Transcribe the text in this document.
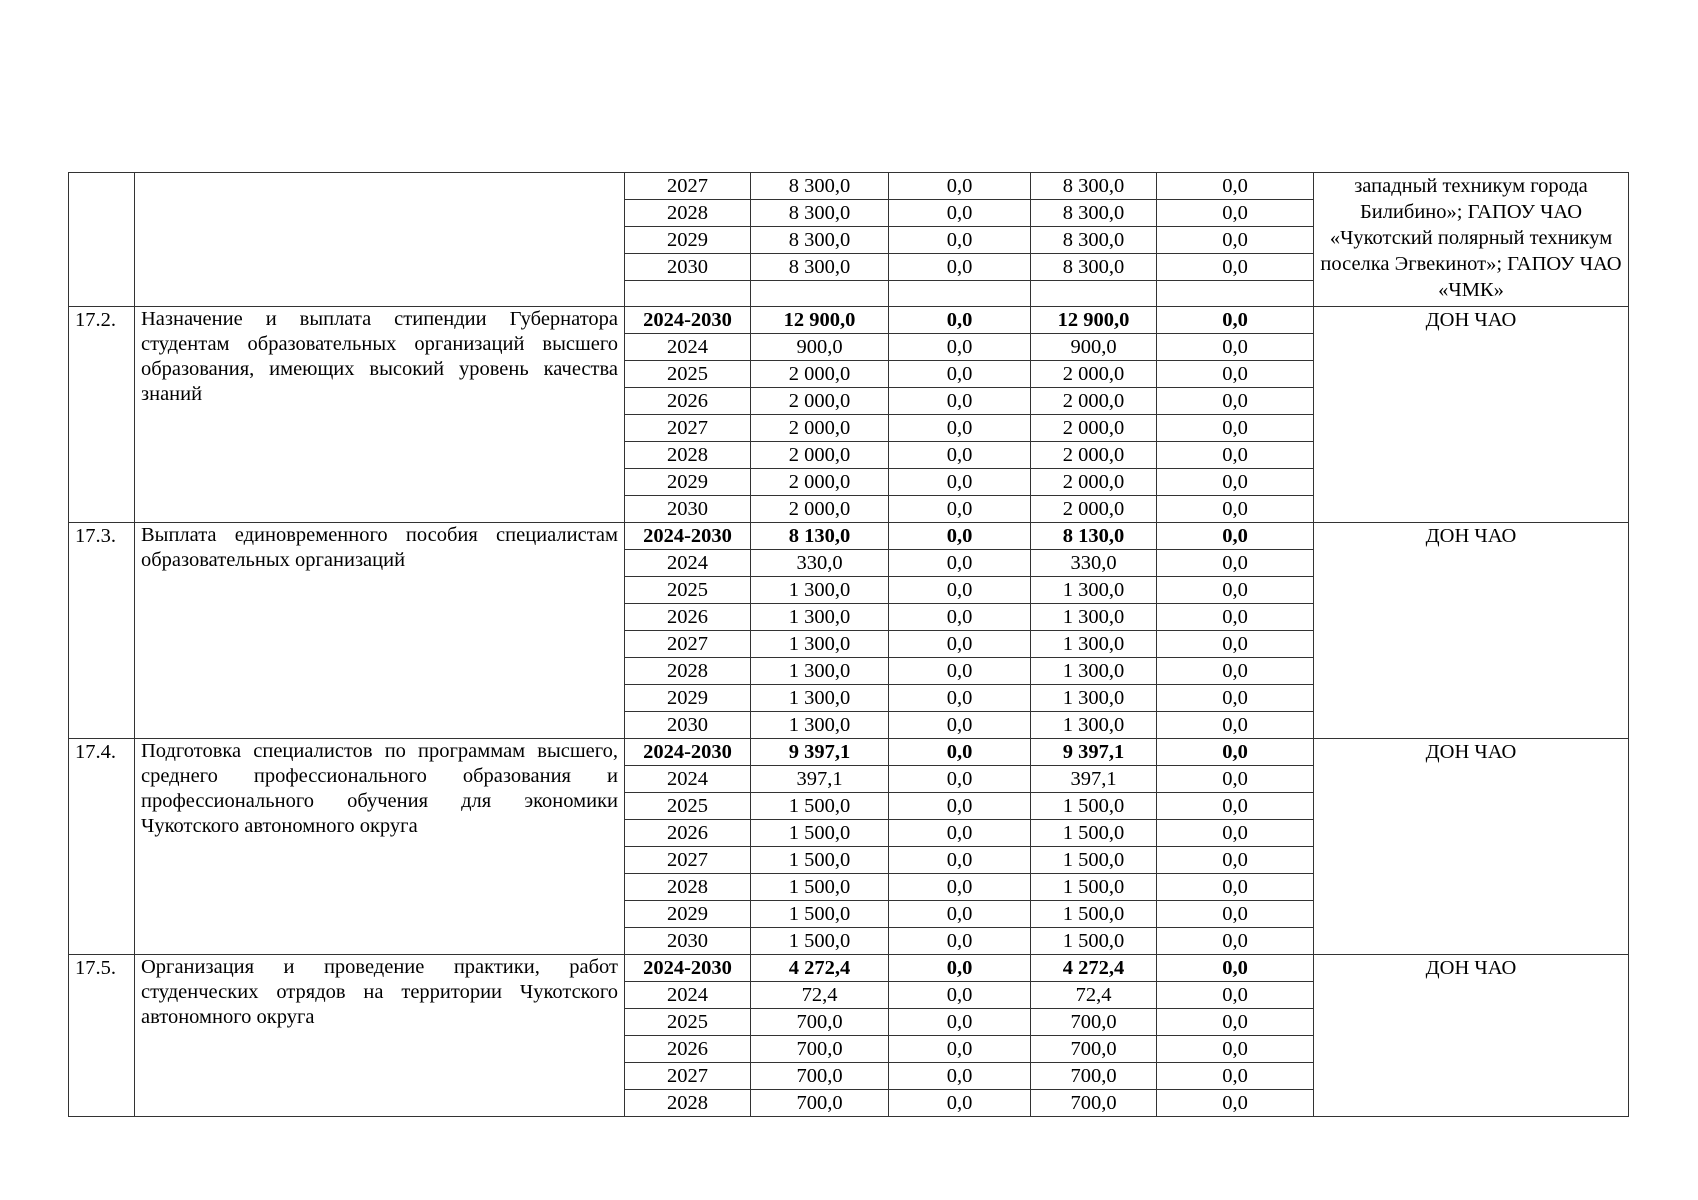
		2027	8 300,0	0,0	8 300,0	0,0	западный техникум города Билибино»; ГАПОУ ЧАО «Чукотский полярный техникум поселка Эгвекинот»; ГАПОУ ЧАО «ЧМК»
		2028	8 300,0	0,0	8 300,0	0,0	
		2029	8 300,0	0,0	8 300,0	0,0	
		2030	8 300,0	0,0	8 300,0	0,0	

17.2.	Назначение и выплата стипендии Губернатора студентам образовательных организаций высшего образования, имеющих высокий уровень качества знаний	2024-2030	12 900,0	0,0	12 900,0	0,0	ДОН ЧАО
		2024	900,0	0,0	900,0	0,0	
		2025	2 000,0	0,0	2 000,0	0,0	
		2026	2 000,0	0,0	2 000,0	0,0	
		2027	2 000,0	0,0	2 000,0	0,0	
		2028	2 000,0	0,0	2 000,0	0,0	
		2029	2 000,0	0,0	2 000,0	0,0	
		2030	2 000,0	0,0	2 000,0	0,0	
17.3.	Выплата единовременного пособия специалистам образовательных организаций	2024-2030	8 130,0	0,0	8 130,0	0,0	ДОН ЧАО
		2024	330,0	0,0	330,0	0,0	
		2025	1 300,0	0,0	1 300,0	0,0	
		2026	1 300,0	0,0	1 300,0	0,0	
		2027	1 300,0	0,0	1 300,0	0,0	
		2028	1 300,0	0,0	1 300,0	0,0	
		2029	1 300,0	0,0	1 300,0	0,0	
		2030	1 300,0	0,0	1 300,0	0,0	
17.4.	Подготовка специалистов по программам высшего, среднего профессионального образования и профессионального обучения для экономики Чукотского автономного округа	2024-2030	9 397,1	0,0	9 397,1	0,0	ДОН ЧАО
		2024	397,1	0,0	397,1	0,0	
		2025	1 500,0	0,0	1 500,0	0,0	
		2026	1 500,0	0,0	1 500,0	0,0	
		2027	1 500,0	0,0	1 500,0	0,0	
		2028	1 500,0	0,0	1 500,0	0,0	
		2029	1 500,0	0,0	1 500,0	0,0	
		2030	1 500,0	0,0	1 500,0	0,0	
17.5.	Организация и проведение практики, работ студенческих отрядов на территории Чукотского автономного округа	2024-2030	4 272,4	0,0	4 272,4	0,0	ДОН ЧАО
		2024	72,4	0,0	72,4	0,0	
		2025	700,0	0,0	700,0	0,0	
		2026	700,0	0,0	700,0	0,0	
		2027	700,0	0,0	700,0	0,0	
		2028	700,0	0,0	700,0	0,0	
